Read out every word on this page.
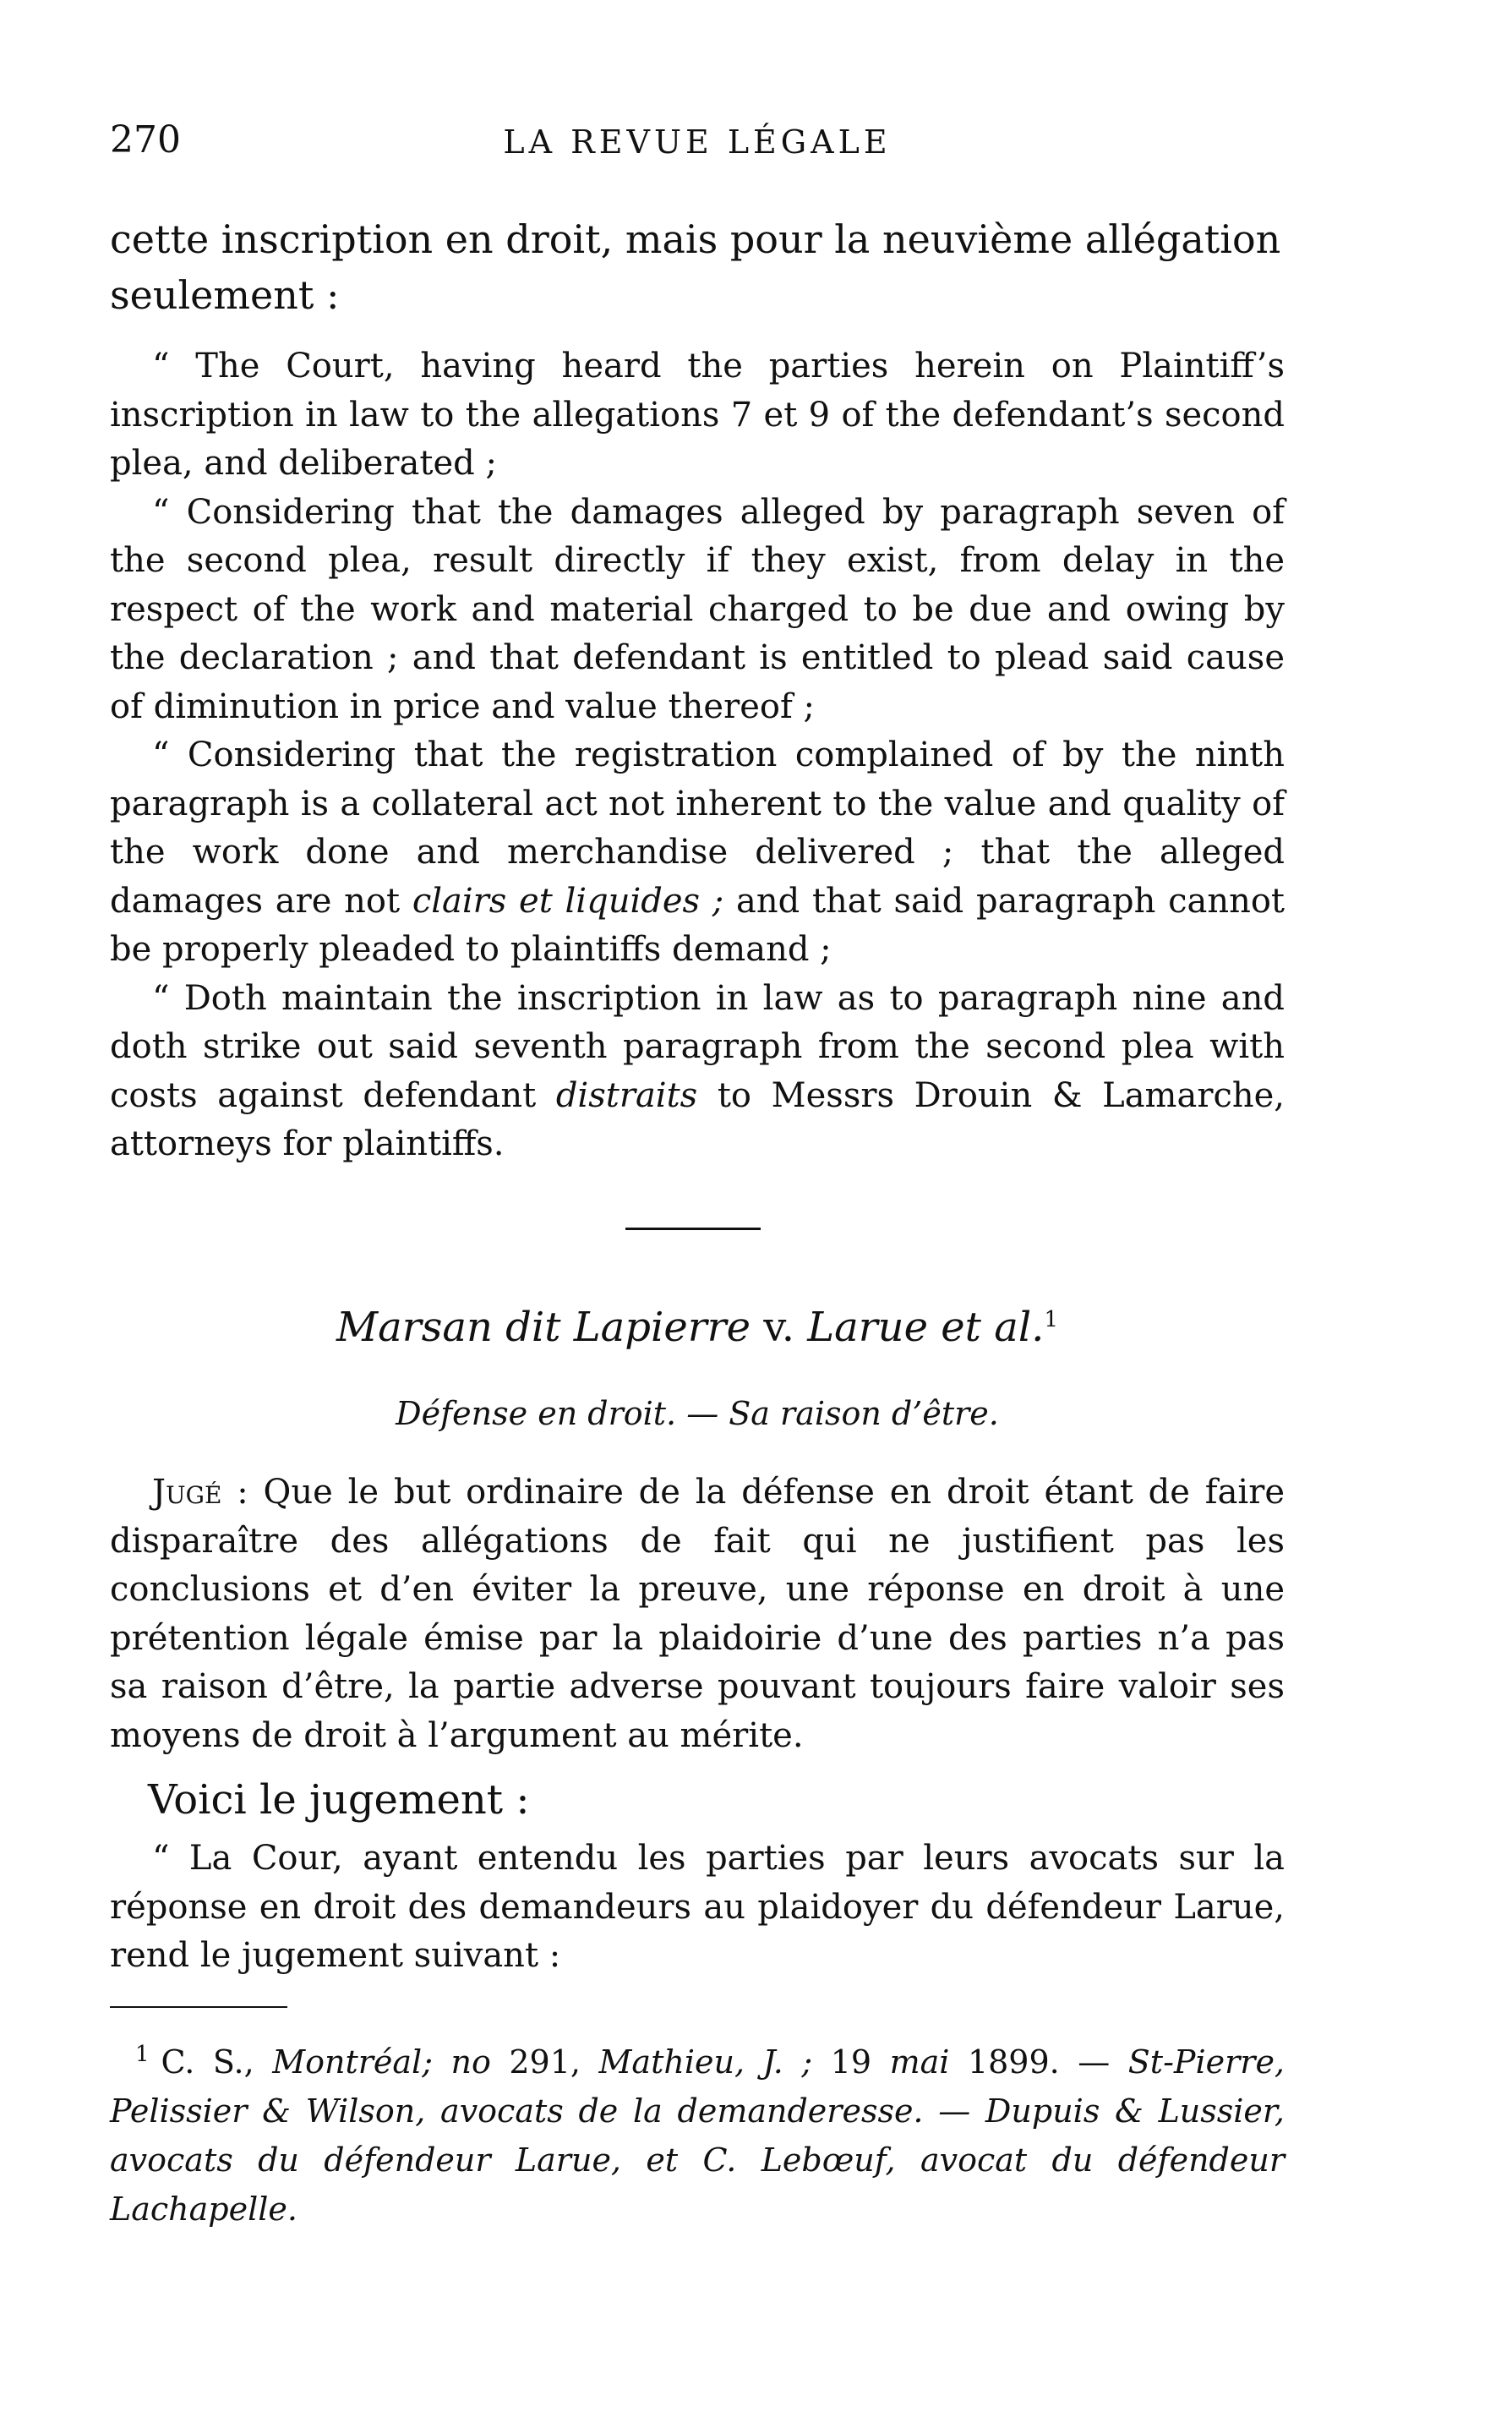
270	LA REVUE LÉGALE
cette inscription en droit, mais pour la neuvième allégation seulement :

“ The Court, having heard the parties herein on Plaintiff’s inscription in law to the allegations 7 et 9 of the defendant’s second plea, and deliberated ;

“ Considering that the damages alleged by paragraph seven of the second plea, result directly if they exist, from delay in the respect of the work and material charged to be due and owing by the declaration ; and that defendant is entitled to plead said cause of diminution in price and value thereof ;

“ Considering that the registration complained of by the ninth paragraph is a collateral act not inherent to the value and quality of the work done and merchandise delivered ; that the alleged damages are not clairs et liquides ; and that said paragraph cannot be properly pleaded to plaintiffs demand ;

“ Doth maintain the inscription in law as to paragraph nine and doth strike out said seventh paragraph from the second plea with costs against defendant distraits to Messrs Drouin & Lamarche, attorneys for plaintiffs.

Marsan dit Lapierre v. Larue et al.$^1$
Défense en droit. — Sa raison d’être.

Jugé : Que le but ordinaire de la défense en droit étant de faire disparaître des allégations de fait qui ne justifient pas les conclusions et d’en éviter la preuve, une réponse en droit à une prétention légale émise par la plaidoirie d’une des parties n’a pas sa raison d’être, la partie adverse pouvant toujours faire valoir ses moyens de droit à l’argument au mérite.

Voici le jugement :

“ La Cour, ayant entendu les parties par leurs avocats sur la réponse en droit des demandeurs au plaidoyer du défendeur Larue, rend le jugement suivant :

$^1$ C. S., Montréal; no 291, Mathieu, J. ; 19 mai 1899. — St-Pierre, Pelissier & Wilson, avocats de la demanderesse. — Dupuis & Lussier, avocats du défendeur Larue, et C. Lebœuf, avocat du défendeur Lachapelle.
